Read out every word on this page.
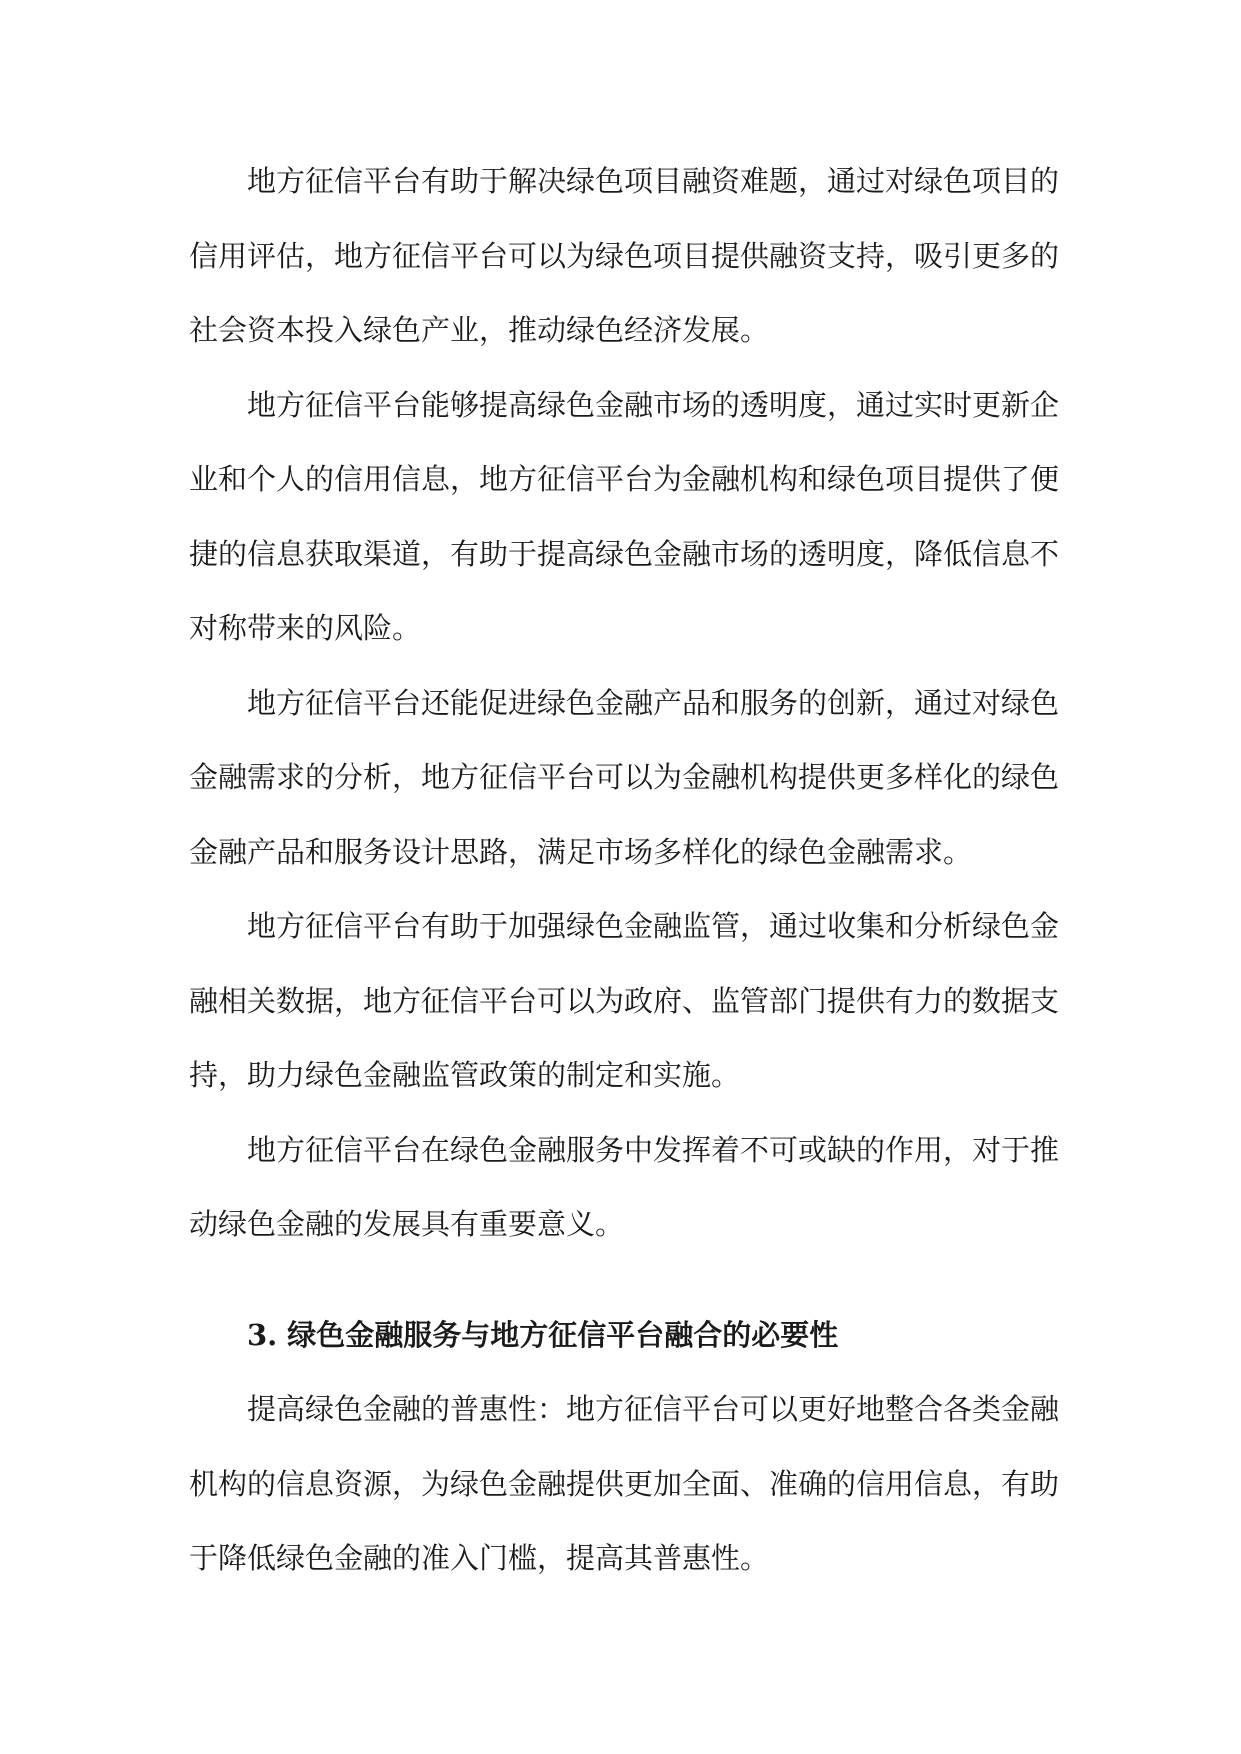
地方征信平台有助于解决绿色项目融资难题，通过对绿色项目的信用评估，地方征信平台可以为绿色项目提供融资支持，吸引更多的社会资本投入绿色产业，推动绿色经济发展。

地方征信平台能够提高绿色金融市场的透明度，通过实时更新企业和个人的信用信息，地方征信平台为金融机构和绿色项目提供了便捷的信息获取渠道，有助于提高绿色金融市场的透明度，降低信息不对称带来的风险。

地方征信平台还能促进绿色金融产品和服务的创新，通过对绿色金融需求的分析，地方征信平台可以为金融机构提供更多样化的绿色金融产品和服务设计思路，满足市场多样化的绿色金融需求。

地方征信平台有助于加强绿色金融监管，通过收集和分析绿色金融相关数据，地方征信平台可以为政府、监管部门提供有力的数据支持，助力绿色金融监管政策的制定和实施。

地方征信平台在绿色金融服务中发挥着不可或缺的作用，对于推动绿色金融的发展具有重要意义。

3. 绿色金融服务与地方征信平台融合的必要性

提高绿色金融的普惠性：地方征信平台可以更好地整合各类金融机构的信息资源，为绿色金融提供更加全面、准确的信用信息，有助于降低绿色金融的准入门槛，提高其普惠性。
